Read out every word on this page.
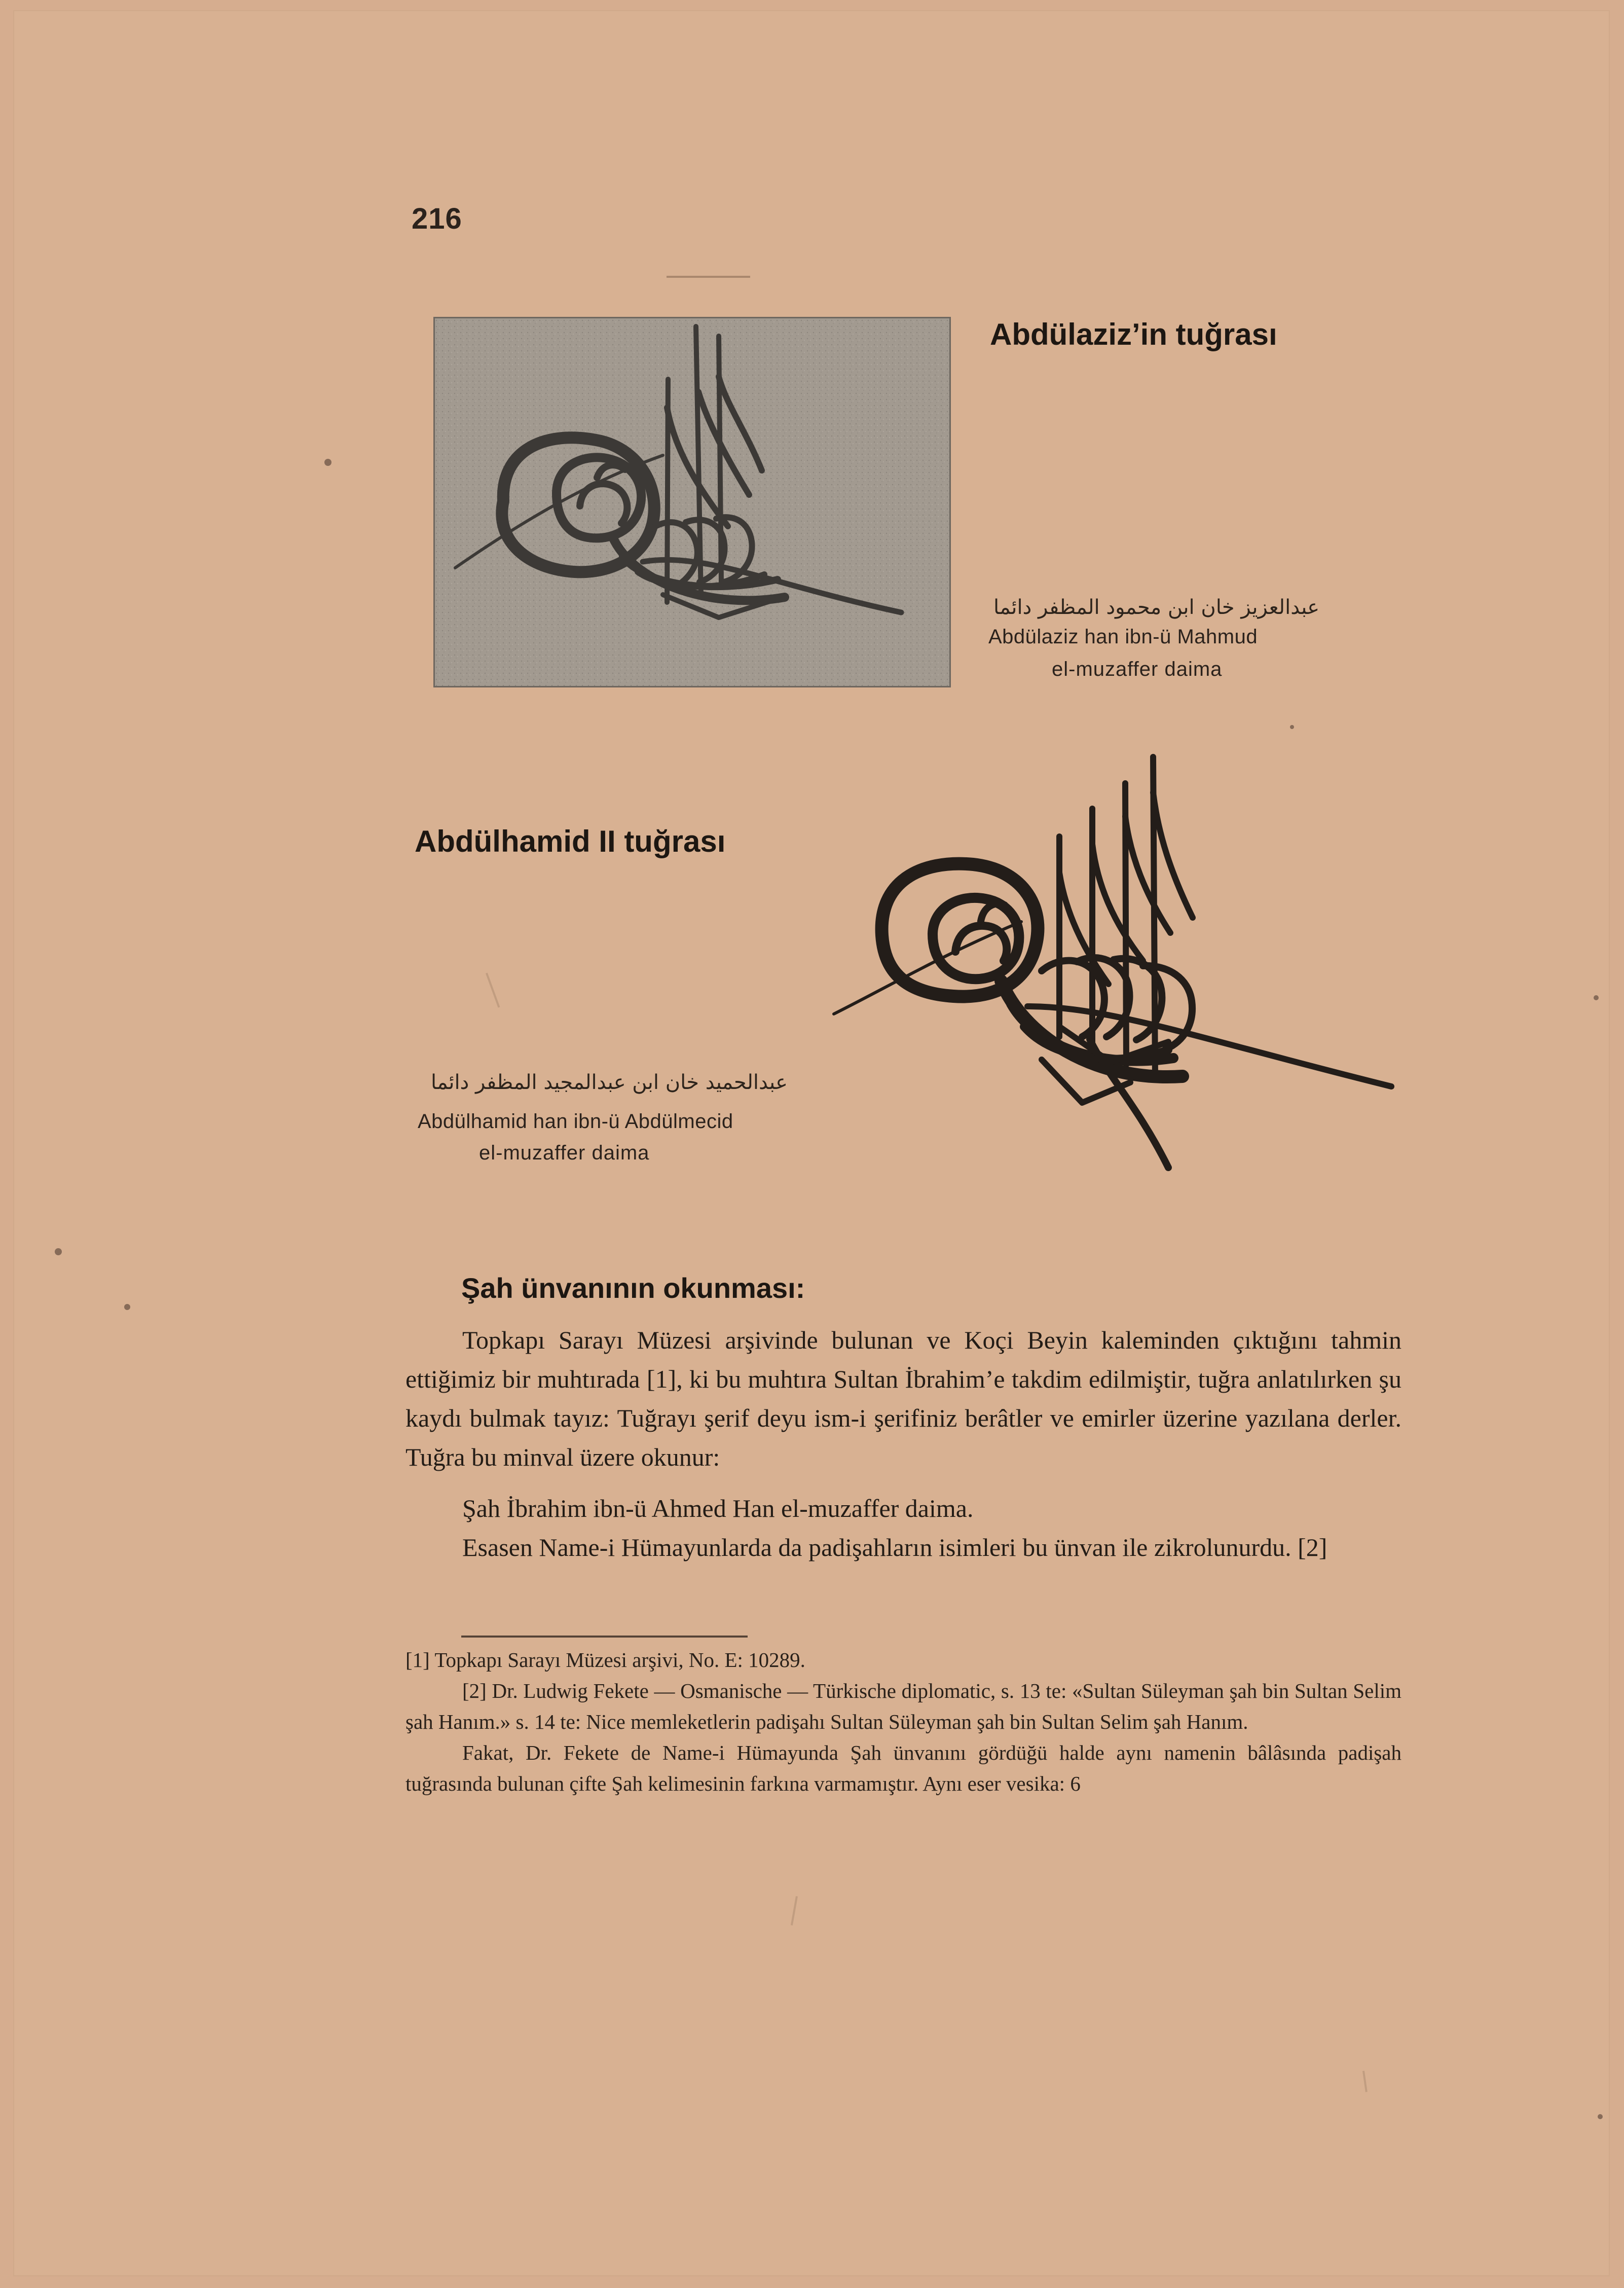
216
Abdülaziz’in tuğrası
عبدالعزيز خان ابن محمود المظفر دائما
Abdülaziz han ibn-ü Mahmud
el-muzaffer daima
Abdülhamid II tuğrası
عبدالحميد خان ابن عبدالمجيد المظفر دائما
Abdülhamid han ibn-ü Abdülmecid
el-muzaffer daima
Şah ünvanının okunması:

Topkapı Sarayı Müzesi arşivinde bulunan ve Koçi Beyin kaleminden çıktığını tahmin ettiğimiz bir muhtırada [1], ki bu muhtıra Sultan İbrahim’e takdim edilmiştir, tuğra anlatılırken şu kaydı bulmak tayız: Tuğrayı şerif deyu ism-i şerifiniz berâtler ve emirler üzerine yazılana derler. Tuğra bu minval üzere okunur:

Şah İbrahim ibn-ü Ahmed Han el-muzaffer daima.

Esasen Name-i Hümayunlarda da padişahların isimleri bu ünvan ile zikrolunurdu. [2]

[1] Topkapı Sarayı Müzesi arşivi, No. E: 10289.

[2] Dr. Ludwig Fekete — Osmanische — Türkische diplomatic, s. 13 te: «Sultan Süleyman şah bin Sultan Selim şah Hanım.» s. 14 te: Nice memleketlerin padişahı Sultan Süleyman şah bin Sultan Selim şah Hanım.

Fakat, Dr. Fekete de Name-i Hümayunda Şah ünvanını gördüğü halde aynı namenin bâlâsında padişah tuğrasında bulunan çifte Şah kelimesinin farkına varmamıştır. Aynı eser vesika: 6
